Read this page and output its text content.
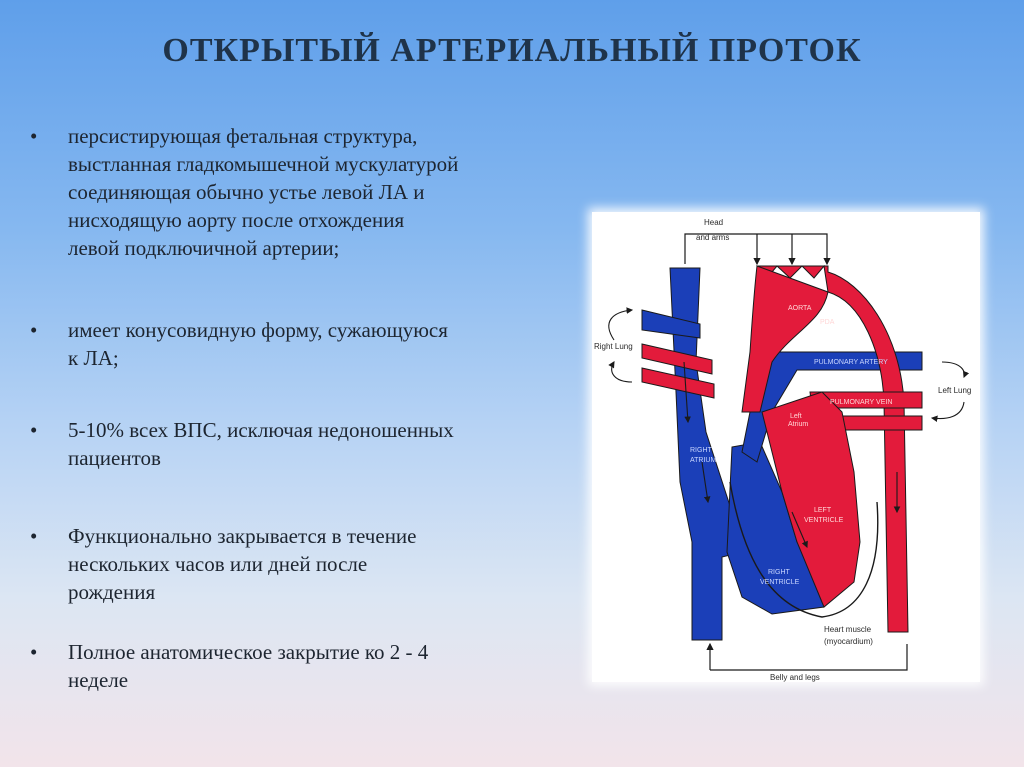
ОТКРЫТЫЙ АРТЕРИАЛЬНЫЙ ПРОТОК
• персистирующая фетальная структура,
выстланная гладкомышечной мускулатурой
соединяющая обычно устье левой ЛА и
нисходящую аорту после отхождения
левой подключичной артерии;
• имеет конусовидную форму, сужающуюся
к ЛА;
• 5-10% всех ВПС, исключая недоношенных
пациентов
• Функционально закрывается в течение
нескольких часов или дней после
рождения
• Полное анатомическое закрытие ко 2 - 4
неделе
Head
and arms
Belly and legs
AORTA
PDA
PULMONARY ARTERY
PULMONARY VEIN
Right Lung
Left Lung
Left
Atrium
RIGHT
ATRIUM
LEFT
VENTRICLE
RIGHT
VENTRICLE
Heart muscle
(myocardium)
